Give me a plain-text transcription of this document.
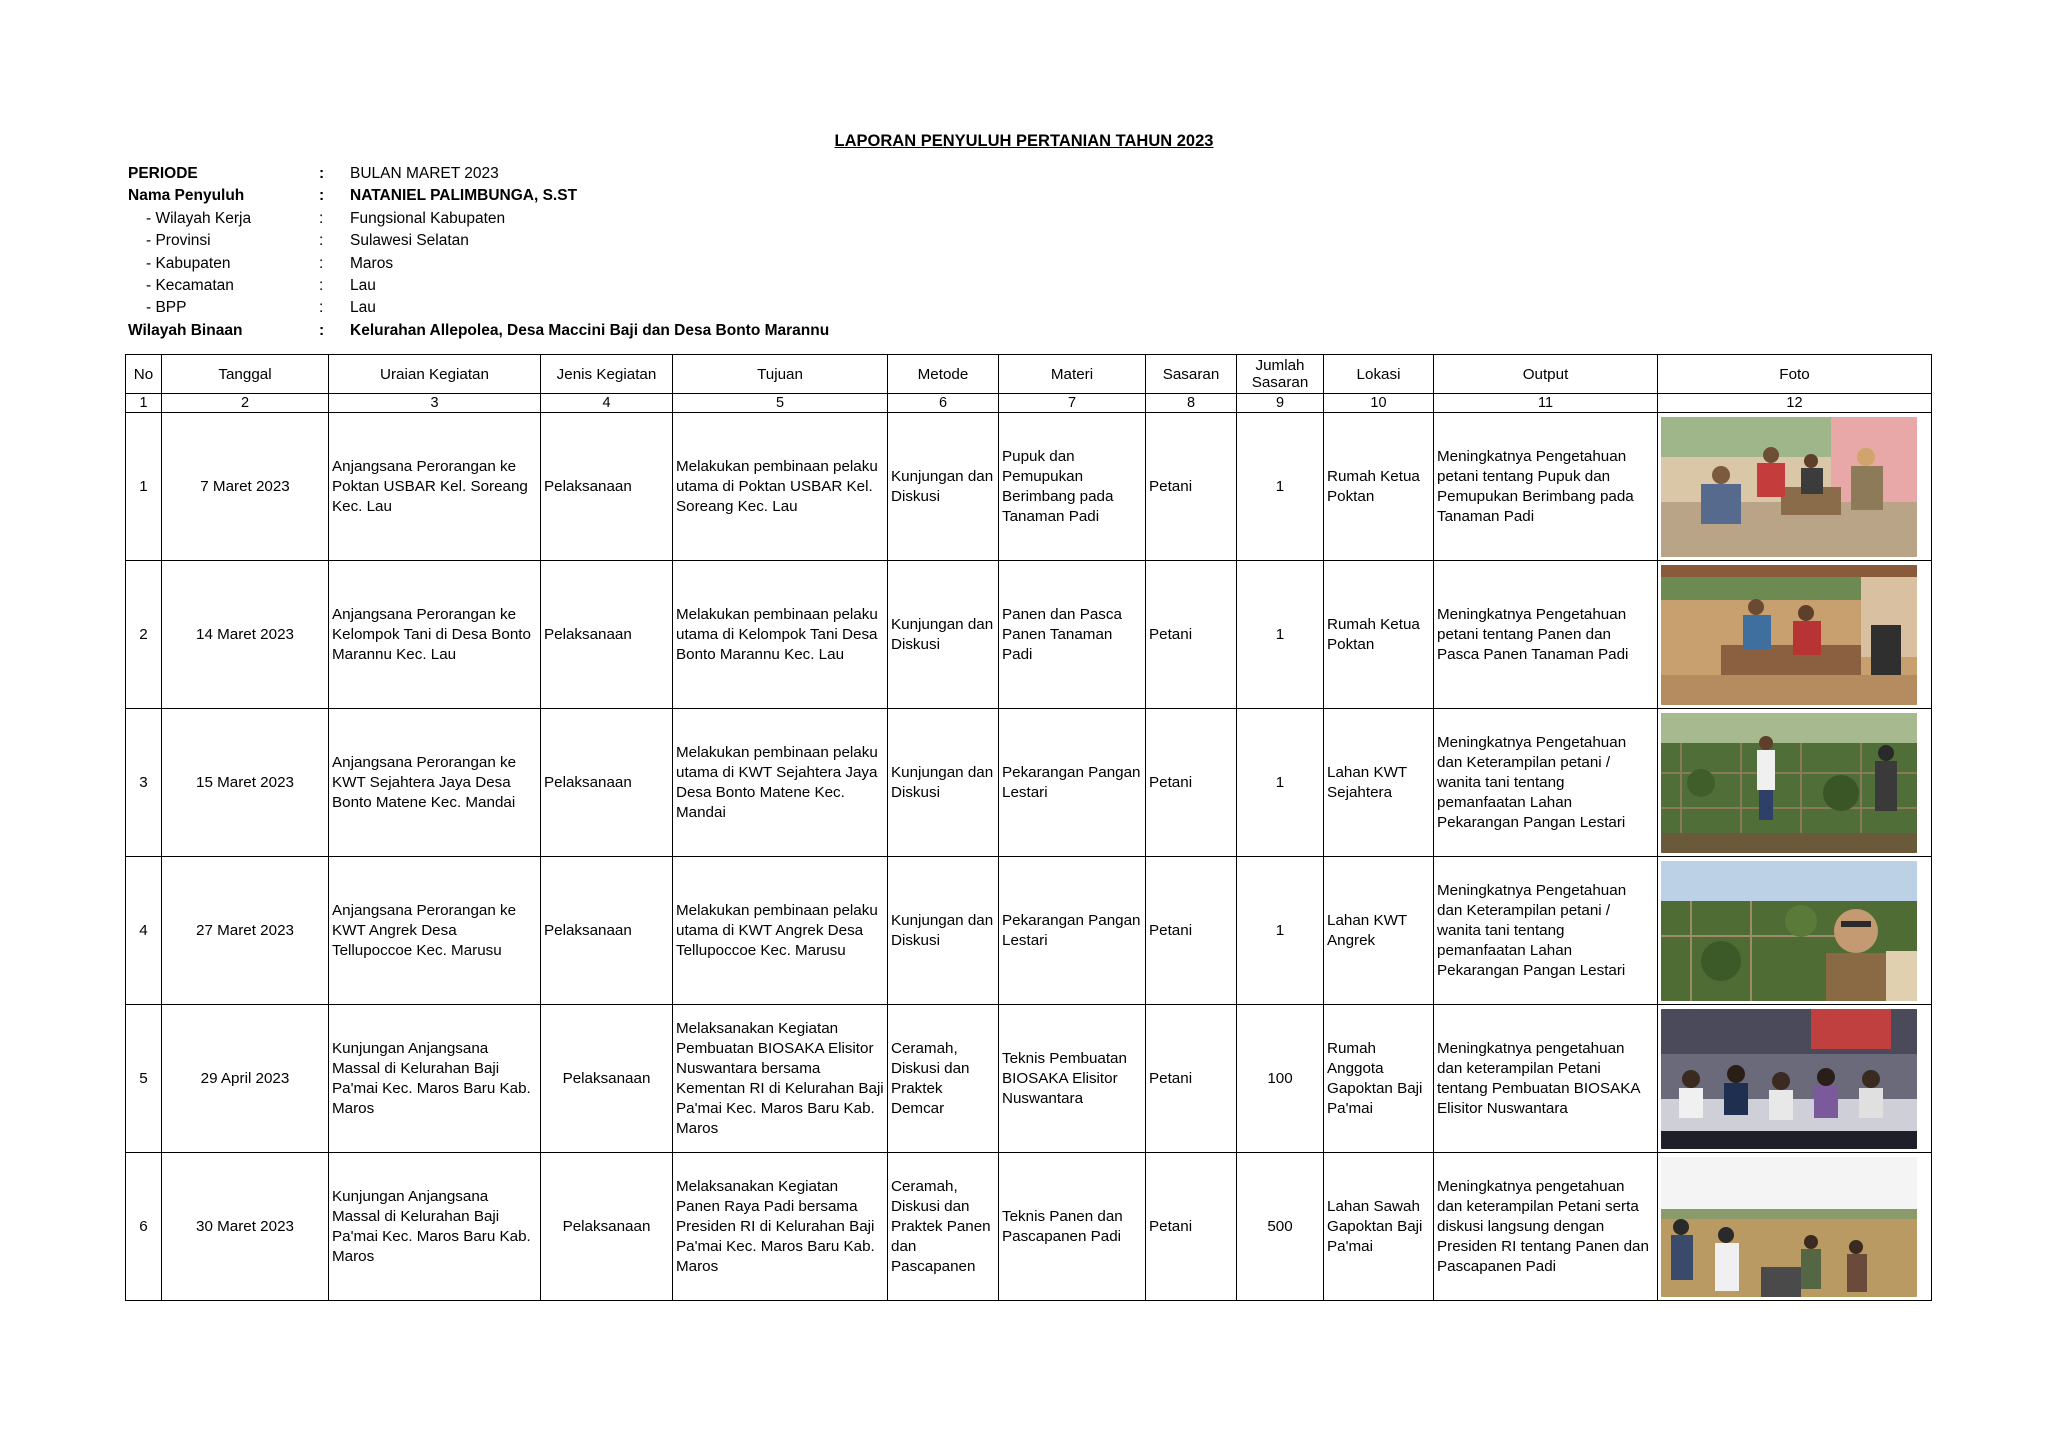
LAPORAN PENYULUH PERTANIAN TAHUN 2023
PERIODE	: BULAN MARET 2023
Nama Penyuluh	: NATANIEL PALIMBUNGA, S.ST
- Wilayah Kerja	: Fungsional Kabupaten
- Provinsi	: Sulawesi Selatan
- Kabupaten	: Maros
- Kecamatan	: Lau
- BPP	: Lau
Wilayah Binaan	: Kelurahan Allepolea, Desa Maccini Baji dan Desa Bonto Marannu
No	Tanggal	Uraian Kegiatan	Jenis Kegiatan	Tujuan	Metode	Materi	Sasaran	Jumlah Sasaran	Lokasi	Output	Foto
1	2	3	4	5	6	7	8	9	10	11	12
1	7 Maret 2023	Anjangsana Perorangan ke Poktan USBAR Kel. Soreang Kec. Lau	Pelaksanaan	Melakukan pembinaan pelaku utama di Poktan USBAR Kel. Soreang Kec. Lau	Kunjungan dan Diskusi	Pupuk dan Pemupukan Berimbang pada Tanaman Padi	Petani	1	Rumah Ketua Poktan	Meningkatnya Pengetahuan petani tentang Pupuk dan Pemupukan Berimbang pada Tanaman Padi	

2	14 Maret 2023	Anjangsana Perorangan ke Kelompok Tani di Desa Bonto Marannu Kec. Lau	Pelaksanaan	Melakukan pembinaan pelaku utama di Kelompok Tani Desa Bonto Marannu Kec. Lau	Kunjungan dan Diskusi	Panen dan Pasca Panen Tanaman Padi	Petani	1	Rumah Ketua Poktan	Meningkatnya Pengetahuan petani tentang Panen dan Pasca Panen Tanaman Padi	

3	15 Maret 2023	Anjangsana Perorangan ke KWT Sejahtera Jaya Desa Bonto Matene Kec. Mandai	Pelaksanaan	Melakukan pembinaan pelaku utama di KWT Sejahtera Jaya Desa Bonto Matene Kec. Mandai	Kunjungan dan Diskusi	Pekarangan Pangan Lestari	Petani	1	Lahan KWT Sejahtera	Meningkatnya Pengetahuan dan Keterampilan petani / wanita tani tentang pemanfaatan Lahan Pekarangan Pangan Lestari	

4	27 Maret 2023	Anjangsana Perorangan ke KWT Angrek Desa Tellupoccoe Kec. Marusu	Pelaksanaan	Melakukan pembinaan pelaku utama di KWT Angrek Desa Tellupoccoe Kec. Marusu	Kunjungan dan Diskusi	Pekarangan Pangan Lestari	Petani	1	Lahan KWT Angrek	Meningkatnya Pengetahuan dan Keterampilan petani / wanita tani tentang pemanfaatan Lahan Pekarangan Pangan Lestari	

5	29 April 2023	Kunjungan Anjangsana Massal di Kelurahan Baji Pa'mai Kec. Maros Baru Kab. Maros	Pelaksanaan	Melaksanakan Kegiatan Pembuatan BIOSAKA Elisitor Nuswantara bersama Kementan RI di Kelurahan Baji Pa'mai Kec. Maros Baru Kab. Maros	Ceramah, Diskusi dan Praktek Demcar	Teknis Pembuatan BIOSAKA Elisitor Nuswantara	Petani	100	Rumah Anggota Gapoktan Baji Pa'mai	Meningkatnya pengetahuan dan keterampilan Petani tentang Pembuatan BIOSAKA Elisitor Nuswantara	

6	30 Maret 2023	Kunjungan Anjangsana Massal di Kelurahan Baji Pa'mai Kec. Maros Baru Kab. Maros	Pelaksanaan	Melaksanakan Kegiatan Panen Raya Padi bersama Presiden RI di Kelurahan Baji Pa'mai Kec. Maros Baru Kab. Maros	Ceramah, Diskusi dan Praktek Panen dan Pascapanen	Teknis Panen dan Pascapanen Padi	Petani	500	Lahan Sawah Gapoktan Baji Pa'mai	Meningkatnya pengetahuan dan keterampilan Petani serta diskusi langsung dengan Presiden RI tentang Panen dan Pascapanen Padi	
